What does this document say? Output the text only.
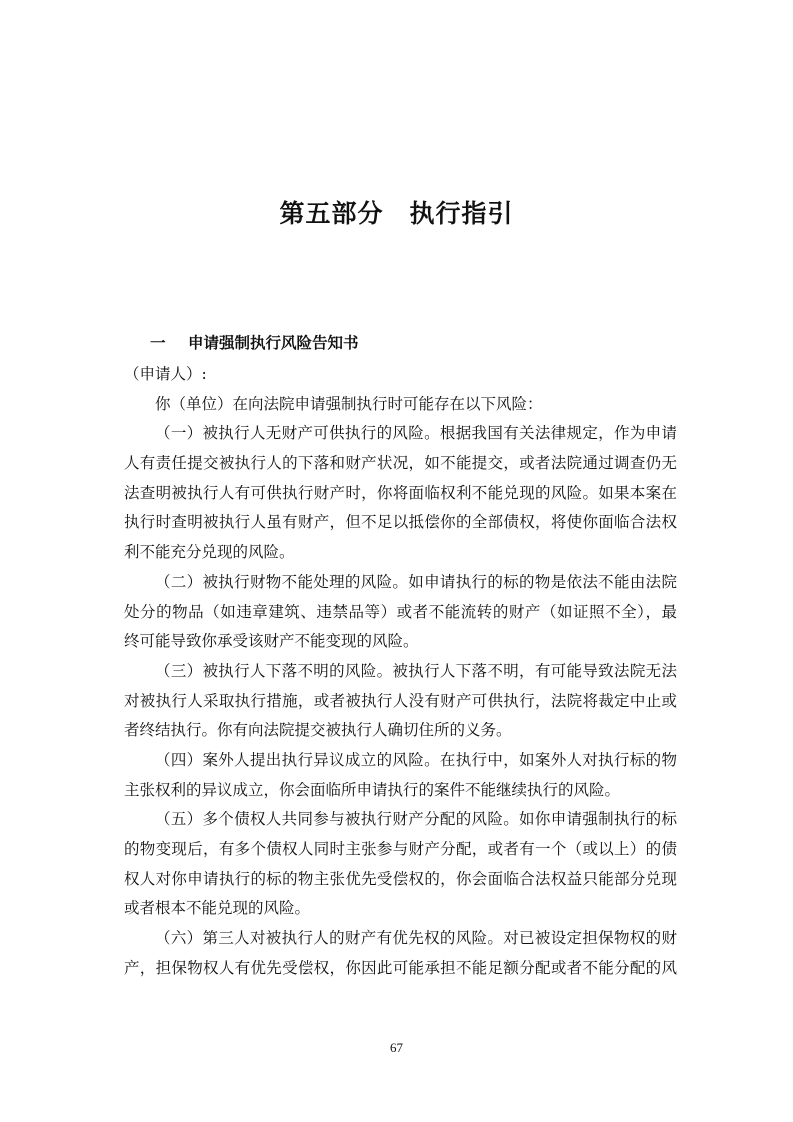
第五部分　执行指引
一 申请强制执行风险告知书
（申请人）:
你（单位）在向法院申请强制执行时可能存在以下风险：
（一）被执行人无财产可供执行的风险。根据我国有关法律规定，作为申请
人有责任提交被执行人的下落和财产状况，如不能提交，或者法院通过调查仍无
法查明被执行人有可供执行财产时，你将面临权利不能兑现的风险。如果本案在
执行时查明被执行人虽有财产，但不足以抵偿你的全部债权，将使你面临合法权
利不能充分兑现的风险。
（二）被执行财物不能处理的风险。如申请执行的标的物是依法不能由法院
处分的物品（如违章建筑、违禁品等）或者不能流转的财产（如证照不全），最
终可能导致你承受该财产不能变现的风险。
（三）被执行人下落不明的风险。被执行人下落不明，有可能导致法院无法
对被执行人采取执行措施，或者被执行人没有财产可供执行，法院将裁定中止或
者终结执行。你有向法院提交被执行人确切住所的义务。
（四）案外人提出执行异议成立的风险。在执行中，如案外人对执行标的物
主张权利的异议成立，你会面临所申请执行的案件不能继续执行的风险。
（五）多个债权人共同参与被执行财产分配的风险。如你申请强制执行的标
的物变现后，有多个债权人同时主张参与财产分配，或者有一个（或以上）的债
权人对你申请执行的标的物主张优先受偿权的，你会面临合法权益只能部分兑现
或者根本不能兑现的风险。
（六）第三人对被执行人的财产有优先权的风险。对已被设定担保物权的财
产，担保物权人有优先受偿权，你因此可能承担不能足额分配或者不能分配的风
67
